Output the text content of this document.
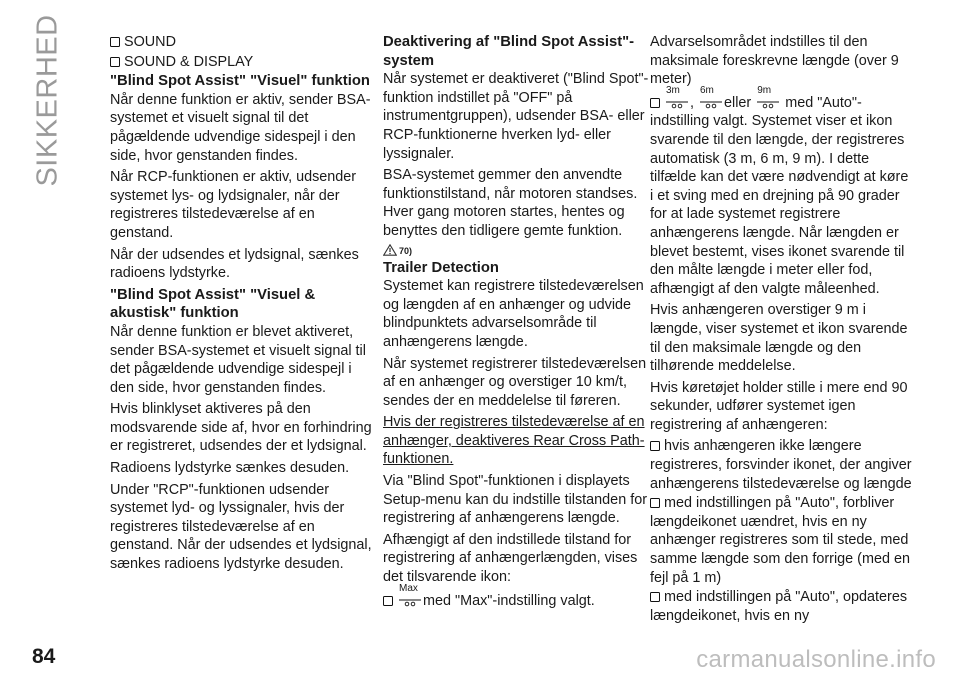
SIKKERHED	SOUND
SOUND & DISPLAY
"Blind Spot Assist" "Visuel" funktion

Når denne funktion er aktiv, sender BSA-systemet et visuelt signal til det pågældende udvendige sidespejl i den side, hvor genstanden findes.

Når RCP-funktionen er aktiv, udsender systemet lys- og lydsignaler, når der registreres tilstedeværelse af en genstand.

Når der udsendes et lydsignal, sænkes radioens lydstyrke.

"Blind Spot Assist" "Visuel & akustisk" funktion

Når denne funktion er blevet aktiveret, sender BSA-systemet et visuelt signal til det pågældende udvendige sidespejl i den side, hvor genstanden findes.

Hvis blinklyset aktiveres på den modsvarende side af, hvor en forhindring er registreret, udsendes der et lydsignal.

Radioens lydstyrke sænkes desuden.

Under "RCP"-funktionen udsender systemet lyd- og lyssignaler, hvis der registreres tilstedeværelse af en genstand. Når der udsendes et lydsignal, sænkes radioens lydstyrke desuden.

Deaktivering af "Blind Spot Assist"-system

Når systemet er deaktiveret ("Blind Spot"-funktion indstillet på "OFF" på instrumentgruppen), udsender BSA- eller RCP-funktionerne hverken lyd- eller lyssignaler.

BSA-systemet gemmer den anvendte funktionstilstand, når motoren standses. Hver gang motoren startes, hentes og benyttes den tidligere gemte funktion.

70)
Trailer Detection

Systemet kan registrere tilstedeværelsen og længden af en anhænger og udvide blindpunktets advarselsområde til anhængerens længde.

Når systemet registrerer tilstedeværelsen af en anhænger og overstiger 10 km/t, sendes der en meddelelse til føreren.

Hvis der registreres tilstedeværelse af en anhænger, deaktiveres Rear Cross Path-funktionen.

Via "Blind Spot"-funktionen i displayets Setup-menu kan du indstille tilstanden for registrering af anhængerens længde.

Afhængigt af den indstillede tilstand for registrering af anhængerlængden, vises det tilsvarende ikon:

Max
med "Max"-indstilling valgt.

Advarselsområdet indstilles til den maksimale foreskrevne længde (over 9 meter)

3m
,
6m
eller
9m
med "Auto"-indstilling valgt. Systemet viser et ikon svarende til den længde, der registreres automatisk (3 m, 6 m, 9 m). I dette tilfælde kan det være nødvendigt at køre i et sving med en drejning på 90 grader for at lade systemet registrere anhængerens længde. Når længden er blevet bestemt, vises ikonet svarende til den målte længde i meter eller fod, afhængigt af den valgte måleenhed.

Hvis anhængeren overstiger 9 m i længde, viser systemet et ikon svarende til den maksimale længde og den tilhørende meddelelse.

Hvis køretøjet holder stille i mere end 90 sekunder, udfører systemet igen registrering af anhængeren:

hvis anhængeren ikke længere registreres, forsvinder ikonet, der angiver anhængerens tilstedeværelse og længde
med indstillingen på "Auto", forbliver længdeikonet uændret, hvis en ny anhænger registreres som til stede, med samme længde som den forrige (med en fejl på 1 m)
med indstillingen på "Auto", opdateres længdeikonet, hvis en ny
84	carmanualsonline.info
